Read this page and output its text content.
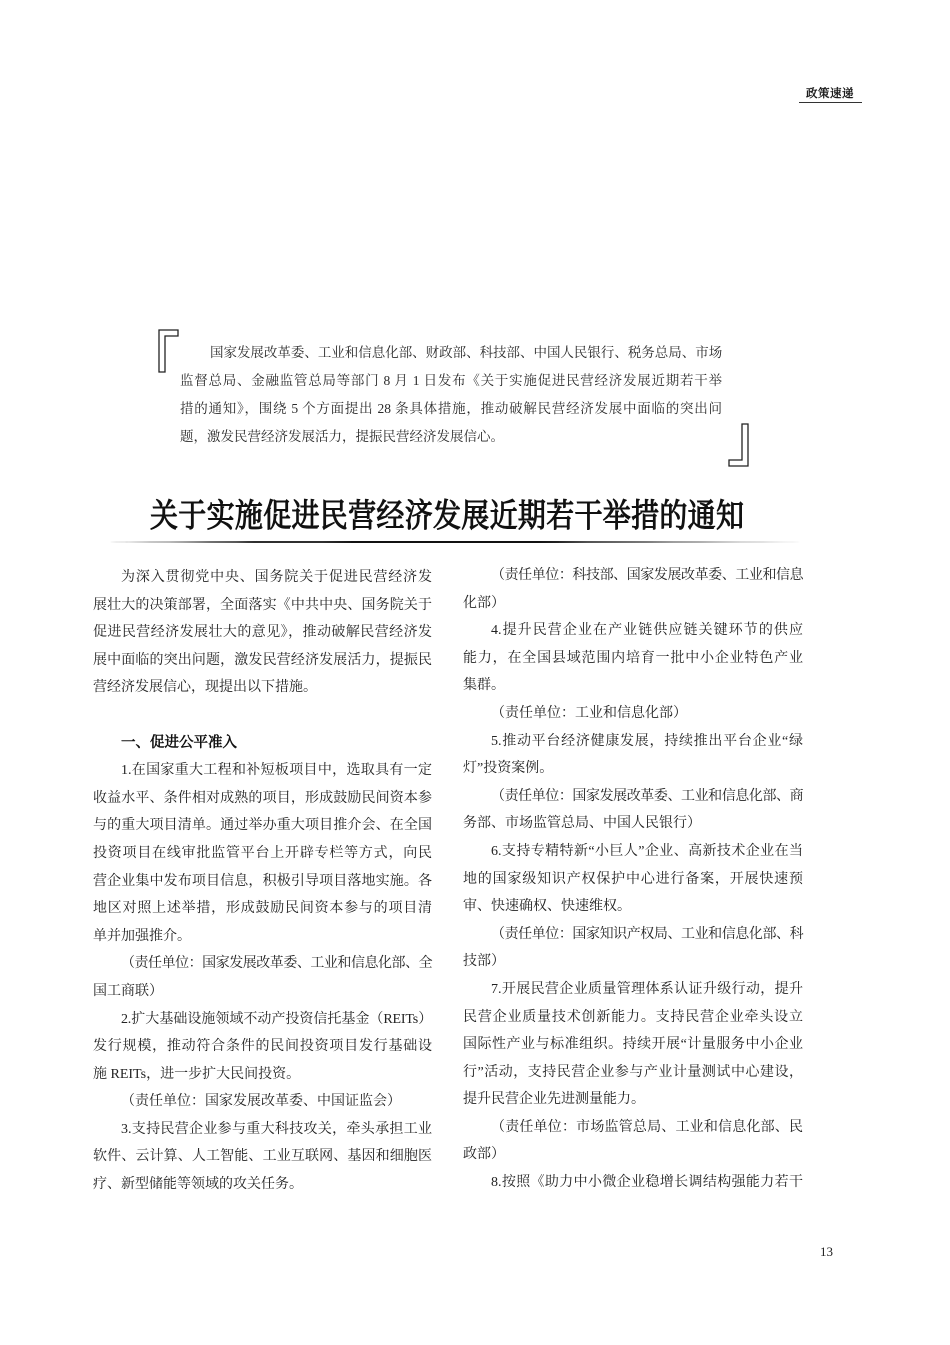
政策速递
国家发展改革委、工业和信息化部、财政部、科技部、中国人民银行、税务总局、市场
监督总局、金融监管总局等部门 8 月 1 日发布《关于实施促进民营经济发展近期若干举
措的通知》，围绕 5 个方面提出 28 条具体措施，推动破解民营经济发展中面临的突出问
题，激发民营经济发展活力，提振民营经济发展信心。
关于实施促进民营经济发展近期若干举措的通知
为深入贯彻党中央、国务院关于促进民营经济发
展壮大的决策部署，全面落实《中共中央、国务院关于
促进民营经济发展壮大的意见》，推动破解民营经济发
展中面临的突出问题，激发民营经济发展活力，提振民
营经济发展信心，现提出以下措施。
一、促进公平准入
1.在国家重大工程和补短板项目中，选取具有一定
收益水平、条件相对成熟的项目，形成鼓励民间资本参
与的重大项目清单。通过举办重大项目推介会、在全国
投资项目在线审批监管平台上开辟专栏等方式，向民
营企业集中发布项目信息，积极引导项目落地实施。各
地区对照上述举措，形成鼓励民间资本参与的项目清
单并加强推介。
（责任单位：国家发展改革委、工业和信息化部、全
国工商联）
2.扩大基础设施领域不动产投资信托基金（REITs）
发行规模，推动符合条件的民间投资项目发行基础设
施 REITs，进一步扩大民间投资。
（责任单位：国家发展改革委、中国证监会）
3.支持民营企业参与重大科技攻关，牵头承担工业
软件、云计算、人工智能、工业互联网、基因和细胞医
疗、新型储能等领域的攻关任务。
（责任单位：科技部、国家发展改革委、工业和信息
化部）
4.提升民营企业在产业链供应链关键环节的供应
能力，在全国县域范围内培育一批中小企业特色产业
集群。
（责任单位：工业和信息化部）
5.推动平台经济健康发展，持续推出平台企业“绿
灯”投资案例。
（责任单位：国家发展改革委、工业和信息化部、商
务部、市场监管总局、中国人民银行）
6.支持专精特新“小巨人”企业、高新技术企业在当
地的国家级知识产权保护中心进行备案，开展快速预
审、快速确权、快速维权。
（责任单位：国家知识产权局、工业和信息化部、科
技部）
7.开展民营企业质量管理体系认证升级行动，提升
民营企业质量技术创新能力。支持民营企业牵头设立
国际性产业与标准组织。持续开展“计量服务中小企业
行”活动，支持民营企业参与产业计量测试中心建设，
提升民营企业先进测量能力。
（责任单位：市场监管总局、工业和信息化部、民
政部）
8.按照《助力中小微企业稳增长调结构强能力若干
13
